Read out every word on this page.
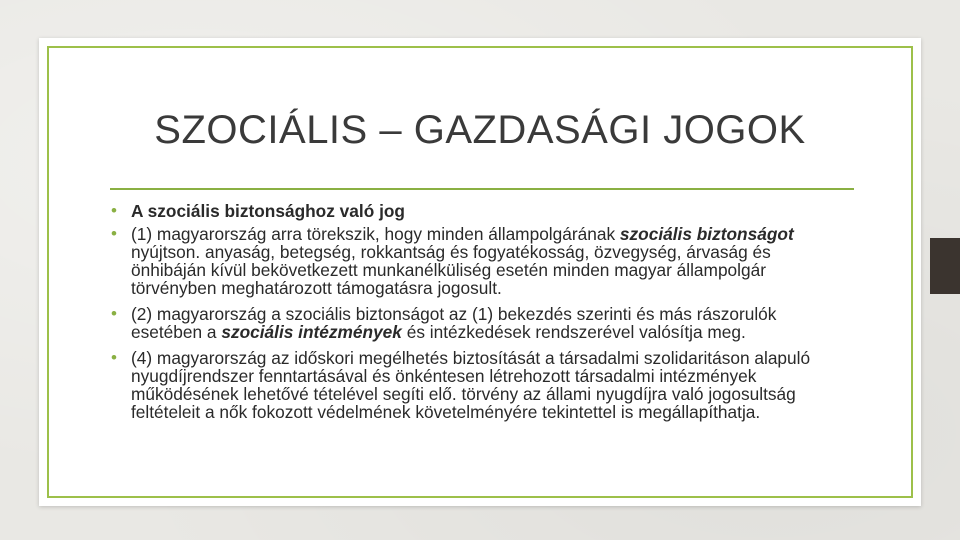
SZOCIÁLIS – GAZDASÁGI JOGOK
• A szociális biztonsághoz való jog
• (1) magyarország arra törekszik, hogy minden állampolgárának szociális biztonságot nyújtson. anyaság, betegség, rokkantság és fogyatékosság, özvegység, árvaság és önhibáján kívül bekövetkezett munkanélküliség esetén minden magyar állampolgár törvényben meghatározott támogatásra jogosult.
• (2) magyarország a szociális biztonságot az (1) bekezdés szerinti és más rászorulók esetében a szociális intézmények és intézkedések rendszerével valósítja meg.
• (4) magyarország az időskori megélhetés biztosítását a társadalmi szolidaritáson alapuló nyugdíjrendszer fenntartásával és önkéntesen létrehozott társadalmi intézmények működésének lehetővé tételével segíti elő. törvény az állami nyugdíjra való jogosultság feltételeit a nők fokozott védelmének követelményére tekintettel is megállapíthatja.
